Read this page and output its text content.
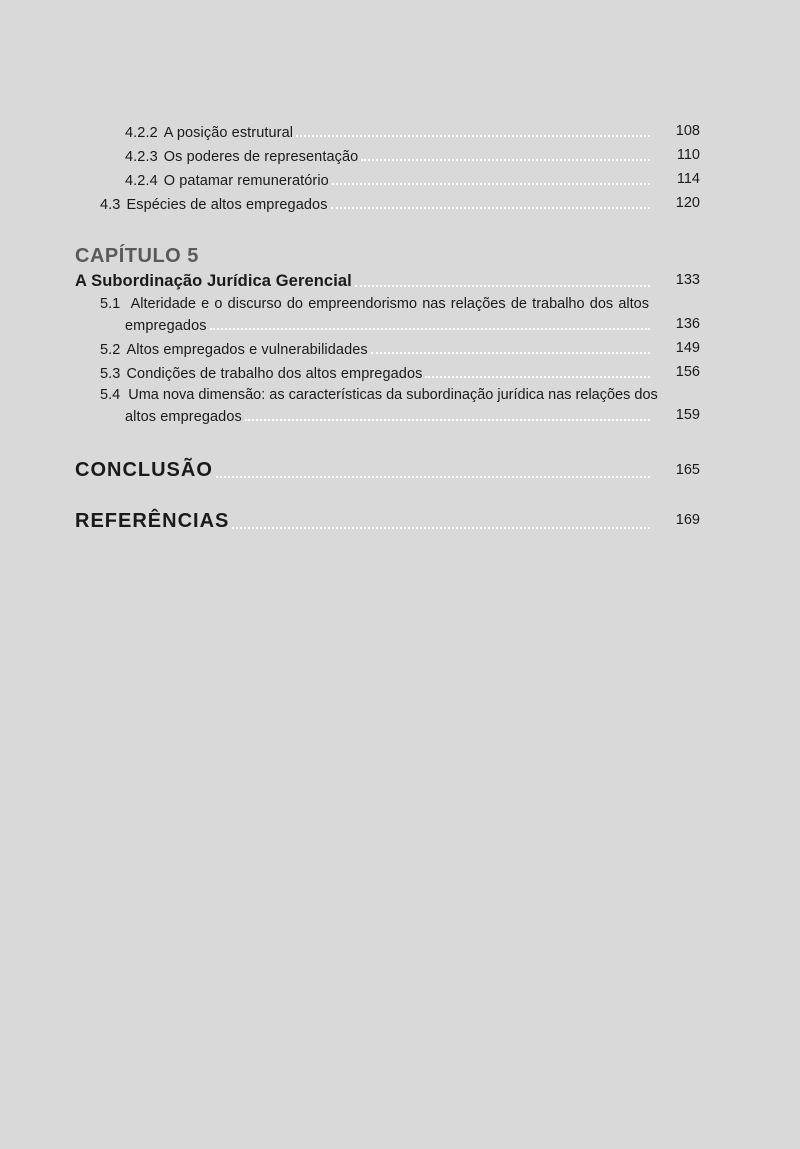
4.2.2 A posição estrutural	108
4.2.3 Os poderes de representação	110
4.2.4 O patamar remuneratório	114
4.3 Espécies de altos empregados	120
CAPÍTULO 5
A Subordinação Jurídica Gerencial	133
5.1 Alteridade e o discurso do empreendorismo nas relações de trabalho dos altos
empregados	136
5.2 Altos empregados e vulnerabilidades	149
5.3 Condições de trabalho dos altos empregados	156
5.4 Uma nova dimensão: as características da subordinação jurídica nas relações dos
altos empregados	159
CONCLUSÃO	165
REFERÊNCIAS	169
